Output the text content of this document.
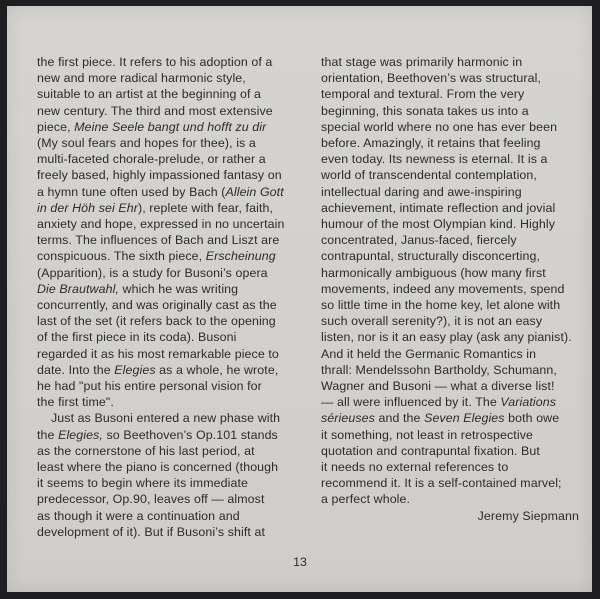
the first piece. It refers to his adoption of a
new and more radical harmonic style,
suitable to an artist at the beginning of a
new century. The third and most extensive
piece, Meine Seele bangt und hofft zu dir
(My soul fears and hopes for thee), is a
multi-faceted chorale-prelude, or rather a
freely based, highly impassioned fantasy on
a hymn tune often used by Bach (Allein Gott
in der Höh sei Ehr), replete with fear, faith,
anxiety and hope, expressed in no uncertain
terms. The influences of Bach and Liszt are
conspicuous. The sixth piece, Erscheinung
(Apparition), is a study for Busoni’s opera
Die Brautwahl, which he was writing
concurrently, and was originally cast as the
last of the set (it refers back to the opening
of the first piece in its coda). Busoni
regarded it as his most remarkable piece to
date. Into the Elegies as a whole, he wrote,
he had "put his entire personal vision for
the first time".
Just as Busoni entered a new phase with
the Elegies, so Beethoven’s Op.101 stands
as the cornerstone of his last period, at
least where the piano is concerned (though
it seems to begin where its immediate
predecessor, Op.90, leaves off — almost
as though it were a continuation and
development of it). But if Busoni’s shift at
that stage was primarily harmonic in
orientation, Beethoven’s was structural,
temporal and textural. From the very
beginning, this sonata takes us into a
special world where no one has ever been
before. Amazingly, it retains that feeling
even today. Its newness is eternal. It is a
world of transcendental contemplation,
intellectual daring and awe-inspiring
achievement, intimate reflection and jovial
humour of the most Olympian kind. Highly
concentrated, Janus-faced, fiercely
contrapuntal, structurally disconcerting,
harmonically ambiguous (how many first
movements, indeed any movements, spend
so little time in the home key, let alone with
such overall serenity?), it is not an easy
listen, nor is it an easy play (ask any pianist).
And it held the Germanic Romantics in
thrall: Mendelssohn Bartholdy, Schumann,
Wagner and Busoni — what a diverse list!
— all were influenced by it. The Variations
sérieuses and the Seven Elegies both owe
it something, not least in retrospective
quotation and contrapuntal fixation. But
it needs no external references to
recommend it. It is a self-contained marvel;
a perfect whole.
Jeremy Siepmann
13
